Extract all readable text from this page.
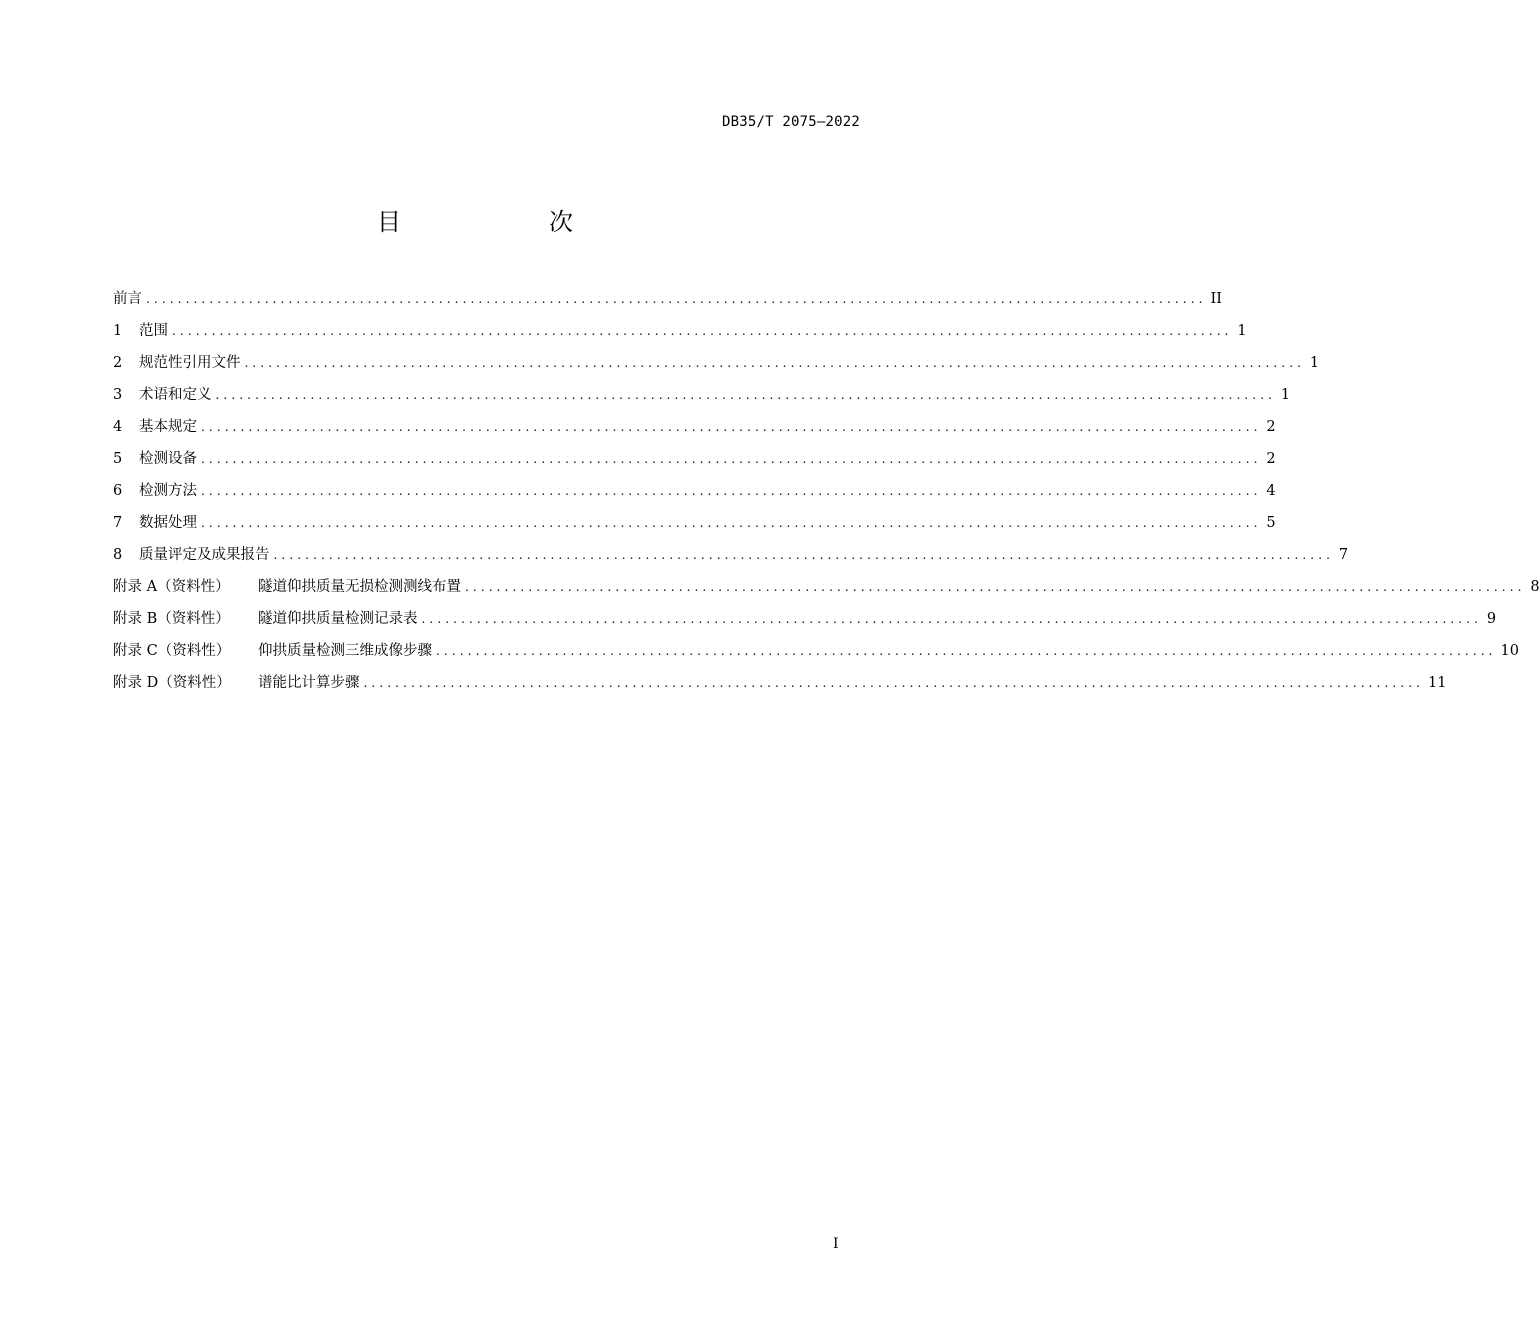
DB35/T 2075—2022
目　次
前言 ...................................................................................................................................... II
1 范围 ...................................................................................................................................... 1
2 规范性引用文件 ...................................................................................................................................... 1
3 术语和定义 ...................................................................................................................................... 1
4 基本规定 ...................................................................................................................................... 2
5 检测设备 ...................................................................................................................................... 2
6 检测方法 ...................................................................................................................................... 4
7 数据处理 ...................................................................................................................................... 5
8 质量评定及成果报告 ...................................................................................................................................... 7
附录 A（资料性） 隧道仰拱质量无损检测测线布置 ...................................................................................................................................... 8
附录 B（资料性） 隧道仰拱质量检测记录表 ...................................................................................................................................... 9
附录 C（资料性） 仰拱质量检测三维成像步骤 ...................................................................................................................................... 10
附录 D（资料性） 谱能比计算步骤 ...................................................................................................................................... 11
I
